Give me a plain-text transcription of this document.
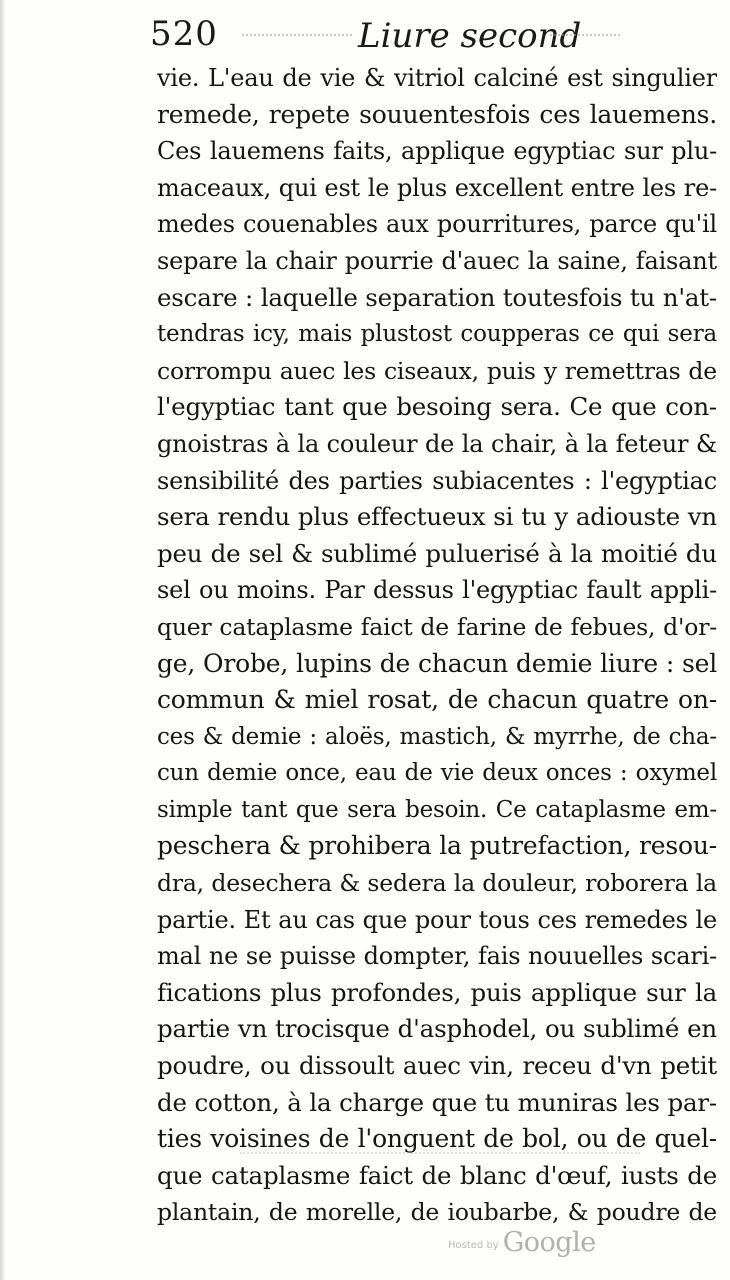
520	Liure second
vie. L'eau de vie & vitriol calciné est singulier
remede, repete souuentesfois ces lauemens.
Ces lauemens faits, applique egyptiac sur plu-
maceaux, qui est le plus excellent entre les re-
medes couenables aux pourritures, parce qu'il
separe la chair pourrie d'auec la saine, faisant
escare : laquelle separation toutesfois tu n'at-
tendras icy, mais plustost coupperas ce qui sera
corrompu auec les ciseaux, puis y remettras de
l'egyptiac tant que besoing sera. Ce que con-
gnoistras à la couleur de la chair, à la feteur &
sensibilité des parties subiacentes : l'egyptiac
sera rendu plus effectueux si tu y adiouste vn
peu de sel & sublimé puluerisé à la moitié du
sel ou moins. Par dessus l'egyptiac fault appli-
quer cataplasme faict de farine de febues, d'or-
ge, Orobe, lupins de chacun demie liure : sel
commun & miel rosat, de chacun quatre on-
ces & demie : aloës, mastich, & myrrhe, de cha-
cun demie once, eau de vie deux onces : oxymel
simple tant que sera besoin. Ce cataplasme em-
peschera & prohibera la putrefaction, resou-
dra, desechera & sedera la douleur, roborera la
partie. Et au cas que pour tous ces remedes le
mal ne se puisse dompter, fais nouuelles scari-
fications plus profondes, puis applique sur la
partie vn trocisque d'asphodel, ou sublimé en
poudre, ou dissoult auec vin, receu d'vn petit
de cotton, à la charge que tu muniras les par-
ties voisines de l'onguent de bol, ou de quel-
que cataplasme faict de blanc d'œuf, iusts de
plantain, de morelle, de ioubarbe, & poudre de
Hosted by Google
